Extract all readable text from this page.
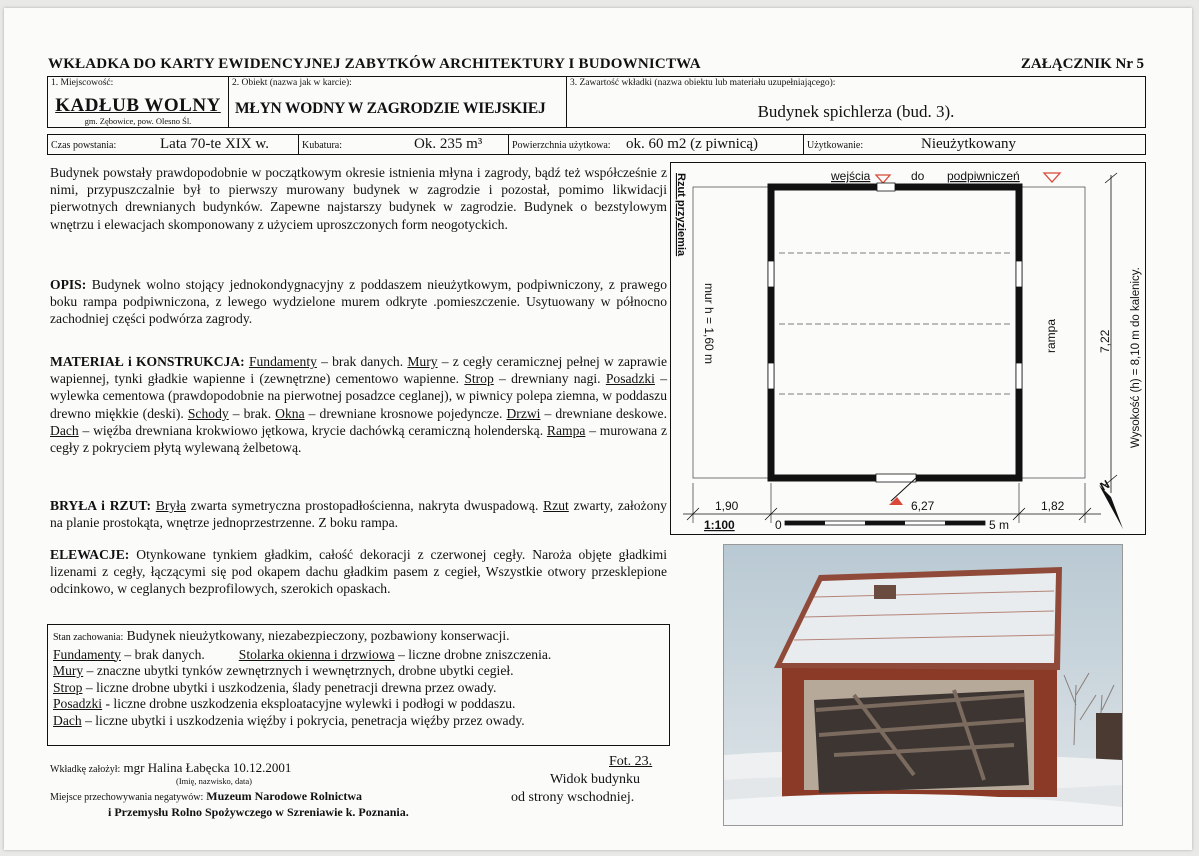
WKŁADKA DO KARTY EWIDENCYJNEJ ZABYTKÓW ARCHITEKTURY I BUDOWNICTWA	ZAŁĄCZNIK Nr 5
1. Miejscowość:
KADŁUB WOLNY
gm. Zębowice, pow. Olesno Śl.
2. Obiekt (nazwa jak w karcie):
MŁYN WODNY W ZAGRODZIE WIEJSKIEJ
3. Zawartość wkładki (nazwa obiektu lub materiału uzupełniającego):
Budynek spichlerza (bud. 3).
Czas powstania:	Lata 70-te XIX w.	Kubatura:	Ok. 235 m³	Powierzchnia użytkowa: ok. 60 m2 (z piwnicą)	Użytkowanie:	Nieużytkowany

Budynek powstały prawdopodobnie w początkowym okresie istnienia młyna i zagrody, bądź też współcześnie z nimi, przypuszczalnie był to pierwszy murowany budynek w zagrodzie i pozostał, pomimo likwidacji pierwotnych drewnianych budynków. Zapewne najstarszy budynek w zagrodzie. Budynek o bezstylowym wnętrzu i elewacjach skomponowany z użyciem uproszczonych form neogotyckich.

OPIS: Budynek wolno stojący jednokondygnacyjny z poddaszem nieużytkowym, podpiwniczony, z prawego boku rampa podpiwniczona, z lewego wydzielone murem odkryte .pomieszczenie. Usytuowany w północno zachodniej części podwórza zagrody.

MATERIAŁ i KONSTRUKCJA: Fundamenty – brak danych. Mury – z cegły ceramicznej pełnej w zaprawie wapiennej, tynki gładkie wapienne i (zewnętrzne) cementowo wapienne. Strop – drewniany nagi. Posadzki – wylewka cementowa (prawdopodobnie na pierwotnej posadzce ceglanej), w piwnicy polepa ziemna, w poddaszu drewno miękkie (deski). Schody – brak. Okna – drewniane krosnowe pojedyncze. Drzwi – drewniane deskowe. Dach – więźba drewniana krokwiowo jętkowa, krycie dachówką ceramiczną holenderską. Rampa – murowana z cegły z pokryciem płytą wylewaną żelbetową.

BRYŁA i RZUT: Bryła zwarta symetryczna prostopadłościenna, nakryta dwuspadową. Rzut zwarty, założony na planie prostokąta, wnętrze jednoprzestrzenne. Z boku rampa.

ELEWACJE: Otynkowane tynkiem gładkim, całość dekoracji z czerwonej cegły. Naroża objęte gładkimi lizenami z cegły, łączącymi się pod okapem dachu gładkim pasem z cegieł, Wszystkie otwory przesklepione odcinkowo, w ceglanych bezprofilowych, szerokich opaskach.

Stan zachowania: Budynek nieużytkowany, niezabezpieczony, pozbawiony konserwacji.
Fundamenty – brak danych. Stolarka okienna i drzwiowa – liczne drobne zniszczenia.
Mury – znaczne ubytki tynków zewnętrznych i wewnętrznych, drobne ubytki cegieł.
Strop – liczne drobne ubytki i uszkodzenia, ślady penetracji drewna przez owady.
Posadzki - liczne drobne uszkodzenia eksploatacyjne wylewki i podłogi w poddaszu.
Dach – liczne ubytki i uszkodzenia więźby i pokrycia, penetracja więźby przez owady.
Wkładkę założył: mgr Halina Łabęcka 10.12.2001
(Imię, nazwisko, data)
Miejsce przechowywania negatywów: Muzeum Narodowe Rolnictwa
i Przemysłu Rolno Spożywczego w Szreniawie k. Poznania.
Fot. 23.
Widok budynku
od strony wschodniej.
Rzut przyziemia	wejścia	do podpiwniczeń
mur h = 1,60 m	rampa	7,22 Wysokość (h) = 8,10 m do kalenicy.
1,90	6,27	1,82
1:100	0	5 m
N
